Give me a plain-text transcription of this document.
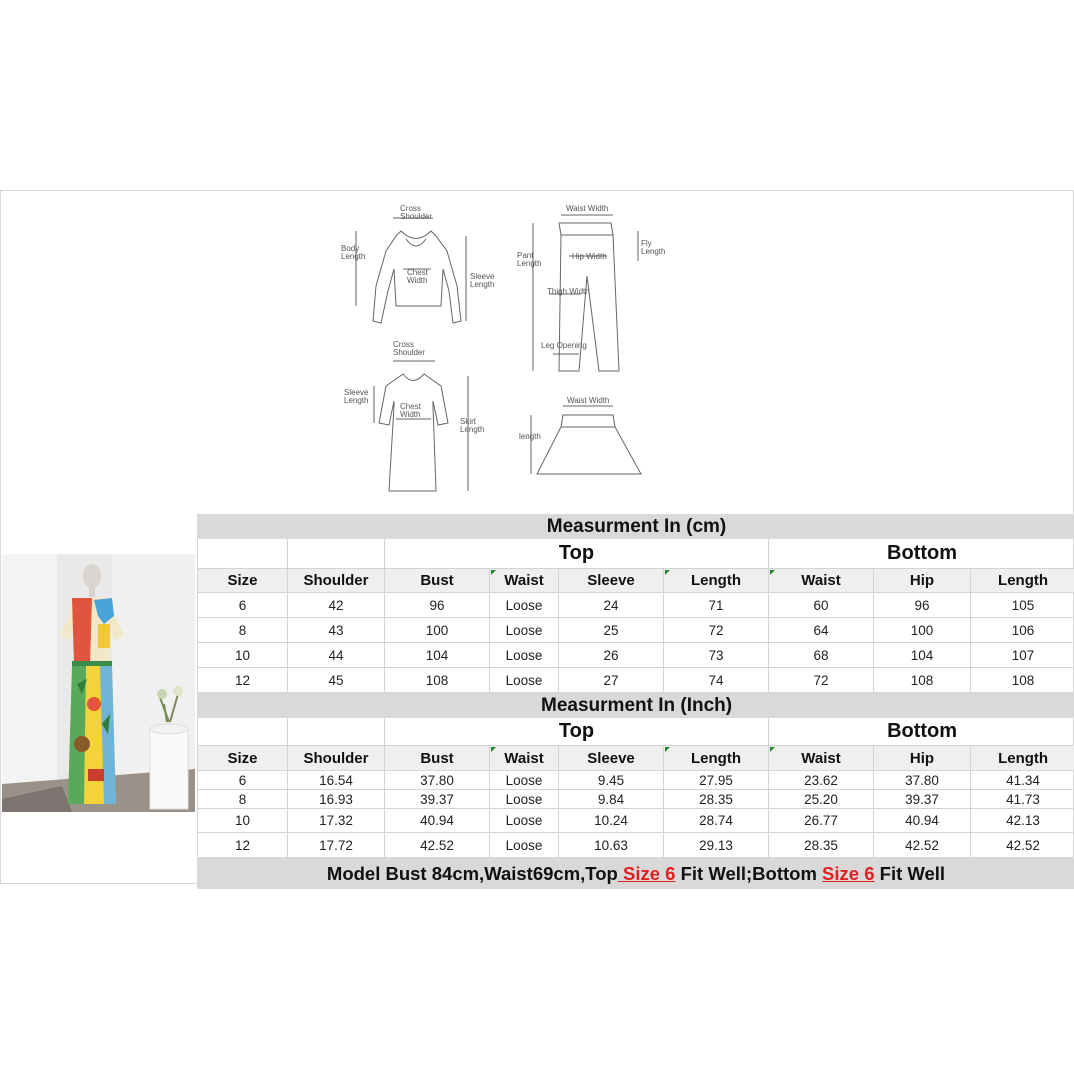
Cross
Shoulder
Body
Length
Chest
Width	Sleeve
Length
Waist Width
Fly
Length
Pant
Length
Hip Width
Thigh Width
Leg Opening
Cross
Shoulder
Sleeve
Length
Chest
Width
Skirt
Length
Waist Width
length
Measurment In (cm)								
		Top				Bottom		
Size	Shoulder	Bust	Waist	Sleeve	Length	Waist	Hip	Length
6	42	96	Loose	24	71	60	96	105
8	43	100	Loose	25	72	64	100	106
10	44	104	Loose	26	73	68	104	107
12	45	108	Loose	27	74	72	108	108
Measurment In (Inch)								
		Top				Bottom		
Size	Shoulder	Bust	Waist	Sleeve	Length	Waist	Hip	Length
6	16.54	37.80	Loose	9.45	27.95	23.62	37.80	41.34
8	16.93	39.37	Loose	9.84	28.35	25.20	39.37	41.73
10	17.32	40.94	Loose	10.24	28.74	26.77	40.94	42.13
12	17.72	42.52	Loose	10.63	29.13	28.35	42.52	42.52
Model Bust 84cm,Waist69cm,Top Size 6 Fit Well;Bottom Size 6 Fit Well
